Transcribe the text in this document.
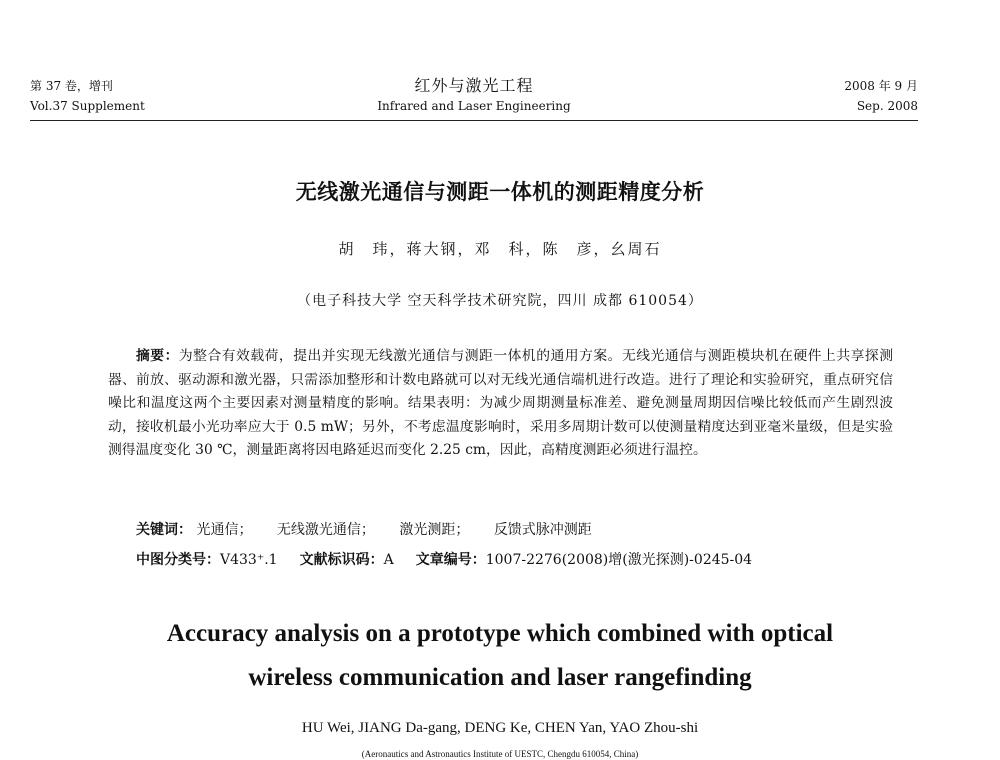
第 37 卷，增刊
Vol.37 Supplement
红外与激光工程
Infrared and Laser Engineering
2008 年 9 月
Sep. 2008
无线激光通信与测距一体机的测距精度分析
胡　玮，蒋大钢，邓　科，陈　彦，幺周石
（电子科技大学 空天科学技术研究院，四川 成都 610054）
摘要：为整合有效载荷，提出并实现无线激光通信与测距一体机的通用方案。无线光通信与测距模块机在硬件上共享探测器、前放、驱动源和激光器，只需添加整形和计数电路就可以对无线光通信端机进行改造。进行了理论和实验研究，重点研究信噪比和温度这两个主要因素对测量精度的影响。结果表明：为减少周期测量标准差、避免测量周期因信噪比较低而产生剧烈波动，接收机最小光功率应大于 0.5 mW；另外，不考虑温度影响时，采用多周期计数可以使测量精度达到亚毫米量级，但是实验测得温度变化 30 ℃，测量距离将因电路延迟而变化 2.25 cm，因此，高精度测距必须进行温控。
关键词： 光通信； 无线激光通信； 激光测距； 反馈式脉冲测距
中图分类号：V433⁺.1 文献标识码：A 文章编号：1007-2276(2008)增(激光探测)-0245-04
Accuracy analysis on a prototype which combined with optical
wireless communication and laser rangefinding
HU Wei, JIANG Da-gang, DENG Ke, CHEN Yan, YAO Zhou-shi
(Aeronautics and Astronautics Institute of UESTC, Chengdu 610054, China)
